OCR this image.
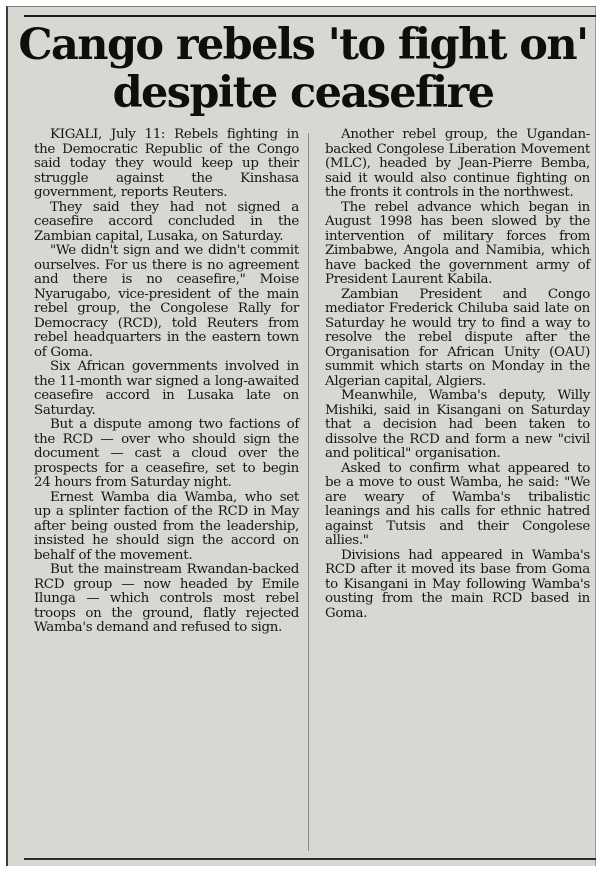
Cango rebels 'to fight on'
despite ceasefire

KIGALI, July 11: Rebels fighting in the Democratic Republic of the Congo said today they would keep up their struggle against the Kinshasa government, reports Reuters.

They said they had not signed a ceasefire accord concluded in the Zambian capital, Lusaka, on Saturday.

"We didn't sign and we didn't commit ourselves. For us there is no agreement and there is no ceasefire," Moise Nyarugabo, vice-president of the main rebel group, the Congolese Rally for Democracy (RCD), told Reuters from rebel headquarters in the eastern town of Goma.

Six African governments involved in the 11-month war signed a long-awaited ceasefire accord in Lusaka late on Saturday.

But a dispute among two factions of the RCD — over who should sign the document — cast a cloud over the prospects for a ceasefire, set to begin 24 hours from Saturday night.

Ernest Wamba dia Wamba, who set up a splinter faction of the RCD in May after being ousted from the leadership, insisted he should sign the accord on behalf of the movement.

But the mainstream Rwandan-backed RCD group — now headed by Emile Ilunga — which controls most rebel troops on the ground, flatly rejected Wamba's demand and refused to sign.

Another rebel group, the Ugandan-backed Congolese Liberation Movement (MLC), headed by Jean-Pierre Bemba, said it would also continue fighting on the fronts it controls in the northwest.

The rebel advance which began in August 1998 has been slowed by the intervention of military forces from Zimbabwe, Angola and Namibia, which have backed the government army of President Laurent Kabila.

Zambian President and Congo mediator Frederick Chiluba said late on Saturday he would try to find a way to resolve the rebel dispute after the Organisation for African Unity (OAU) summit which starts on Monday in the Algerian capital, Algiers.

Meanwhile, Wamba's deputy, Willy Mishiki, said in Kisangani on Saturday that a decision had been taken to dissolve the RCD and form a new "civil and political" organisation.

Asked to confirm what appeared to be a move to oust Wamba, he said: "We are weary of Wamba's tribalistic leanings and his calls for ethnic hatred against Tutsis and their Congolese allies."

Divisions had appeared in Wamba's RCD after it moved its base from Goma to Kisangani in May following Wamba's ousting from the main RCD based in Goma.
